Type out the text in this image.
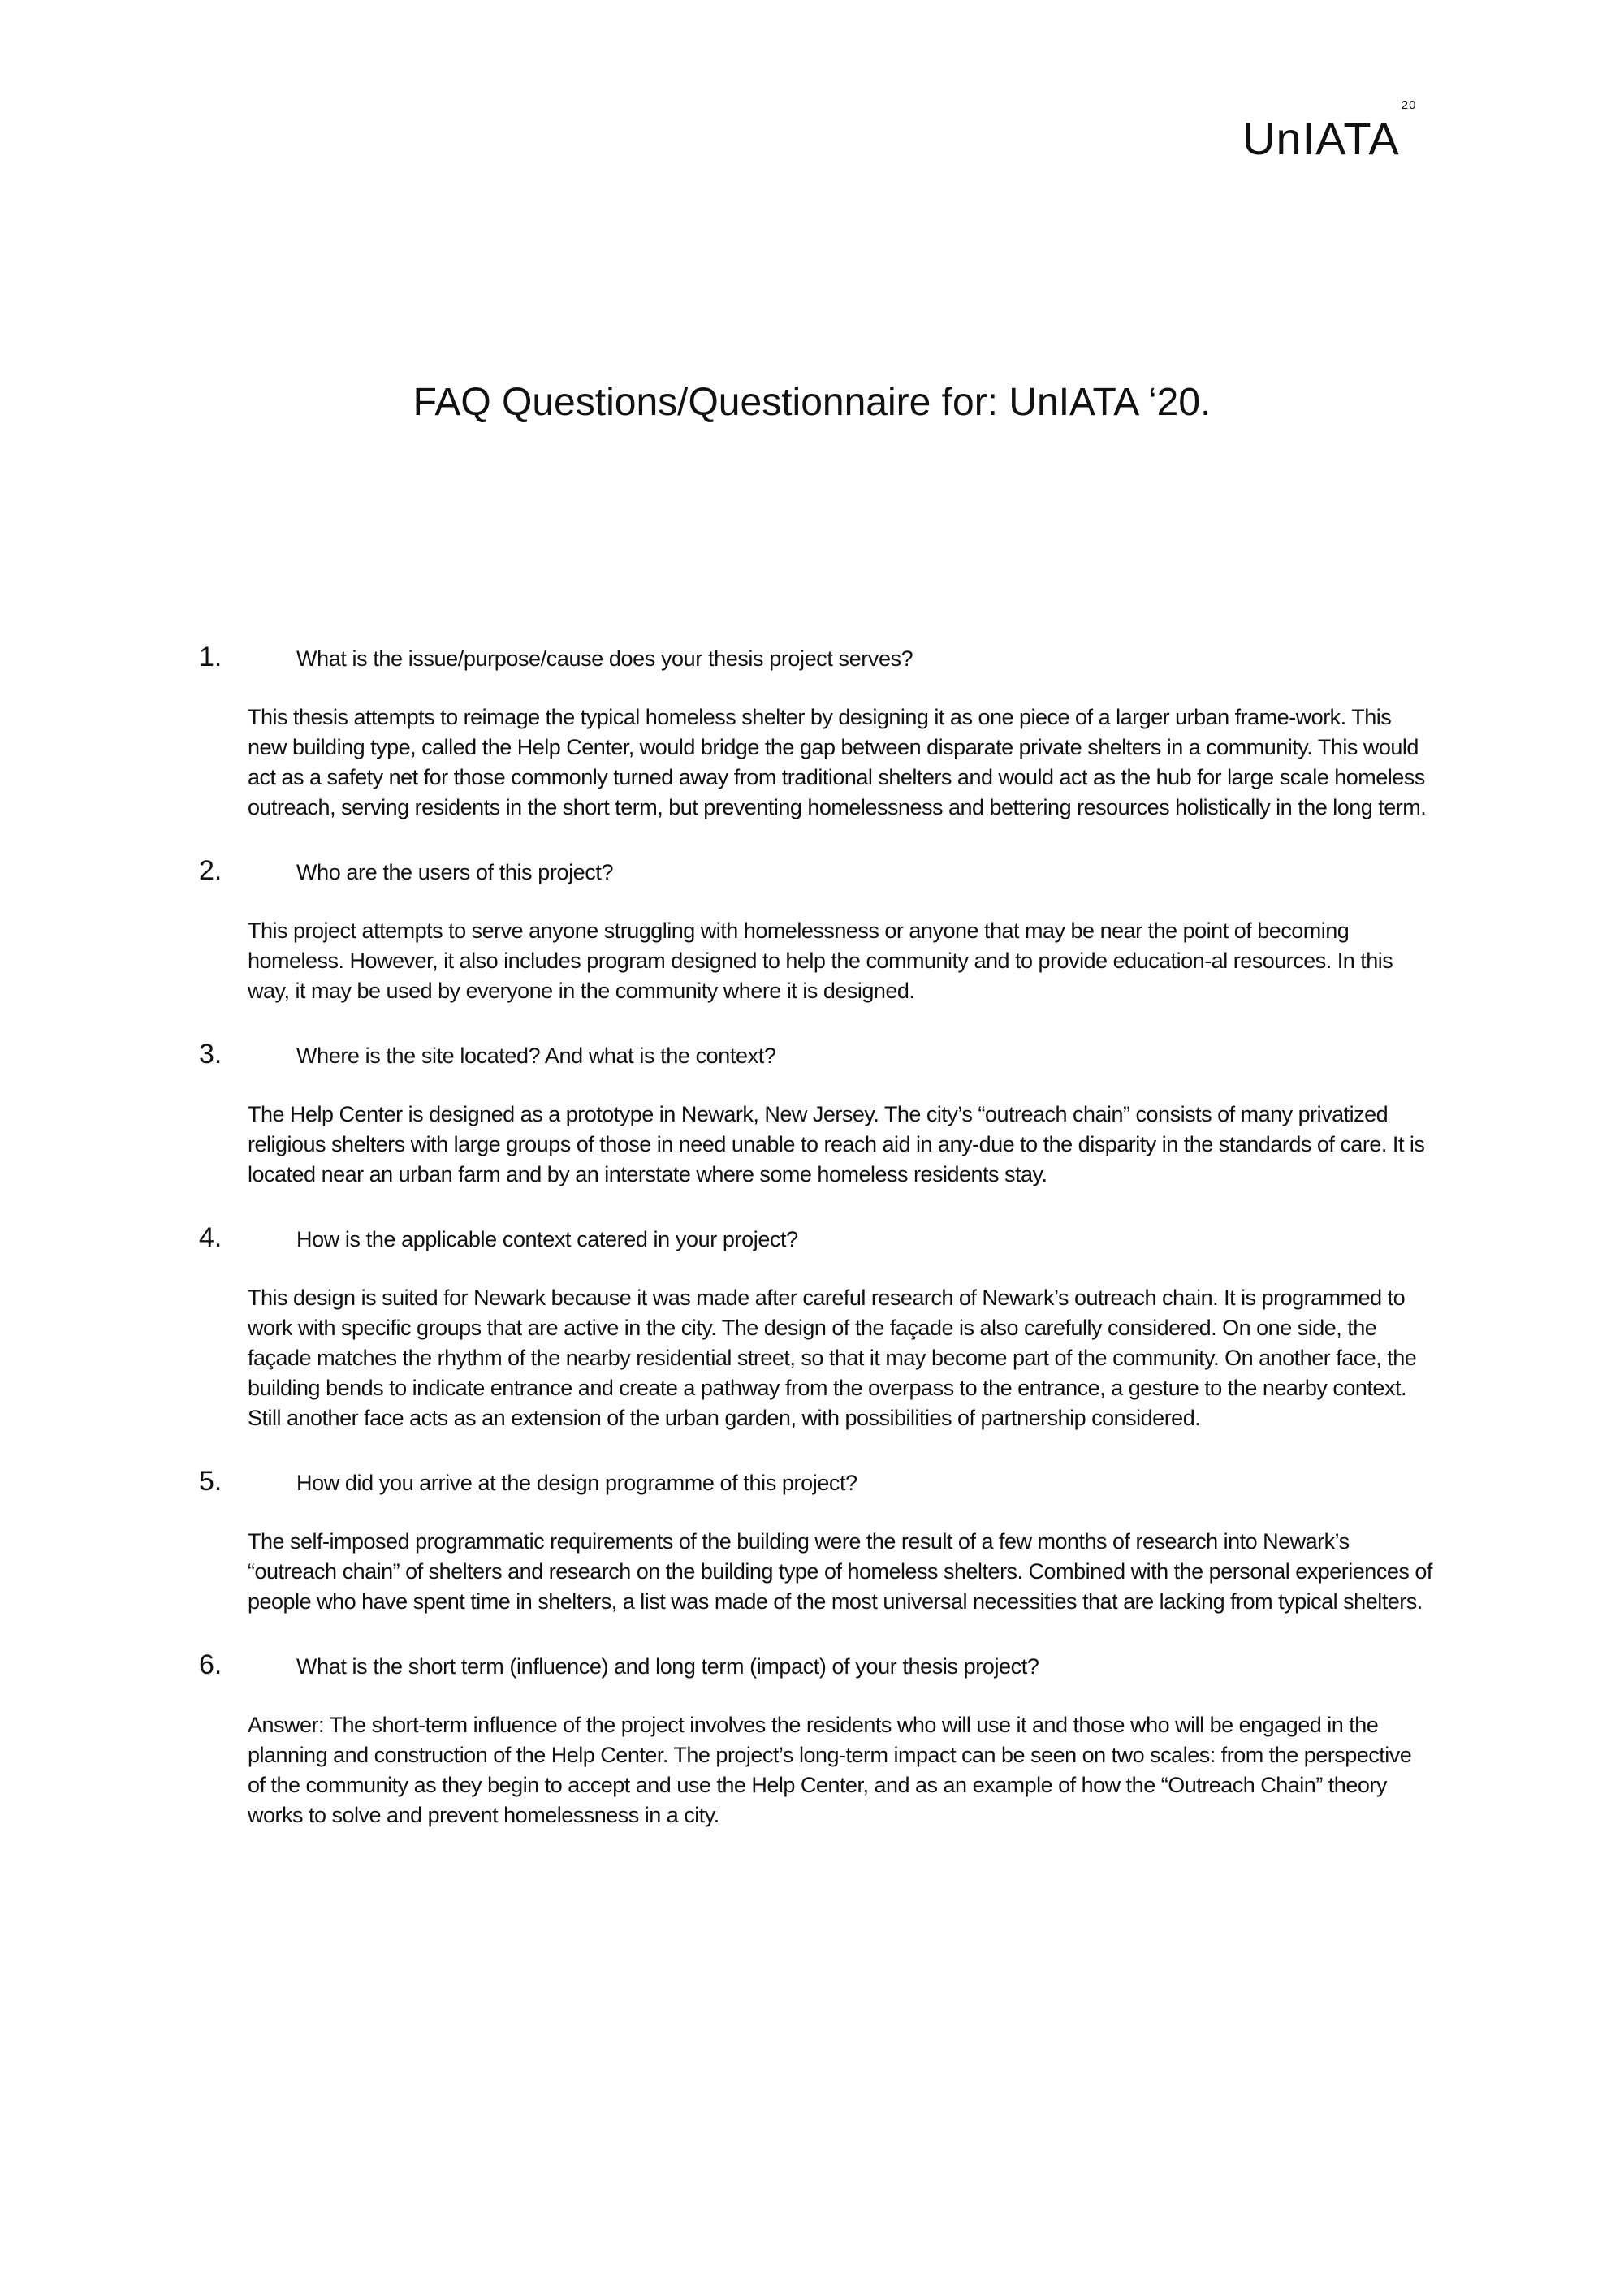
UnIATA$^{20}$
FAQ Questions/Questionnaire for: UnIATA ‘20.
1.	What is the issue/purpose/cause does your thesis project serves?

This thesis attempts to reimage the typical homeless shelter by designing it as one piece of a larger urban frame-work. This new building type, called the Help Center, would bridge the gap between disparate private shelters in a community. This would act as a safety net for those commonly turned away from traditional shelters and would act as the hub for large scale homeless outreach, serving residents in the short term, but preventing homelessness and bettering resources holistically in the long term.

2.	Who are the users of this project?

This project attempts to serve anyone struggling with homelessness or anyone that may be near the point of becoming homeless. However, it also includes program designed to help the community and to provide education-al resources. In this way, it may be used by everyone in the community where it is designed.

3.	Where is the site located? And what is the context?

The Help Center is designed as a prototype in Newark, New Jersey. The city’s “outreach chain” consists of many privatized religious shelters with large groups of those in need unable to reach aid in any-due to the disparity in the standards of care. It is located near an urban farm and by an interstate where some homeless residents stay.

4.	How is the applicable context catered in your project?

This design is suited for Newark because it was made after careful research of Newark’s outreach chain. It is programmed to work with specific groups that are active in the city. The design of the façade is also carefully considered. On one side, the façade matches the rhythm of the nearby residential street, so that it may become part of the community. On another face, the building bends to indicate entrance and create a pathway from the overpass to the entrance, a gesture to the nearby context. Still another face acts as an extension of the urban garden, with possibilities of partnership considered.

5.	How did you arrive at the design programme of this project?

The self-imposed programmatic requirements of the building were the result of a few months of research into Newark’s “outreach chain” of shelters and research on the building type of homeless shelters. Combined with the personal experiences of people who have spent time in shelters, a list was made of the most universal necessities that are lacking from typical shelters.

6.	What is the short term (influence) and long term (impact) of your thesis project?

Answer: The short-term influence of the project involves the residents who will use it and those who will be engaged in the planning and construction of the Help Center. The project’s long-term impact can be seen on two scales: from the perspective of the community as they begin to accept and use the Help Center, and as an example of how the “Outreach Chain” theory works to solve and prevent homelessness in a city.
